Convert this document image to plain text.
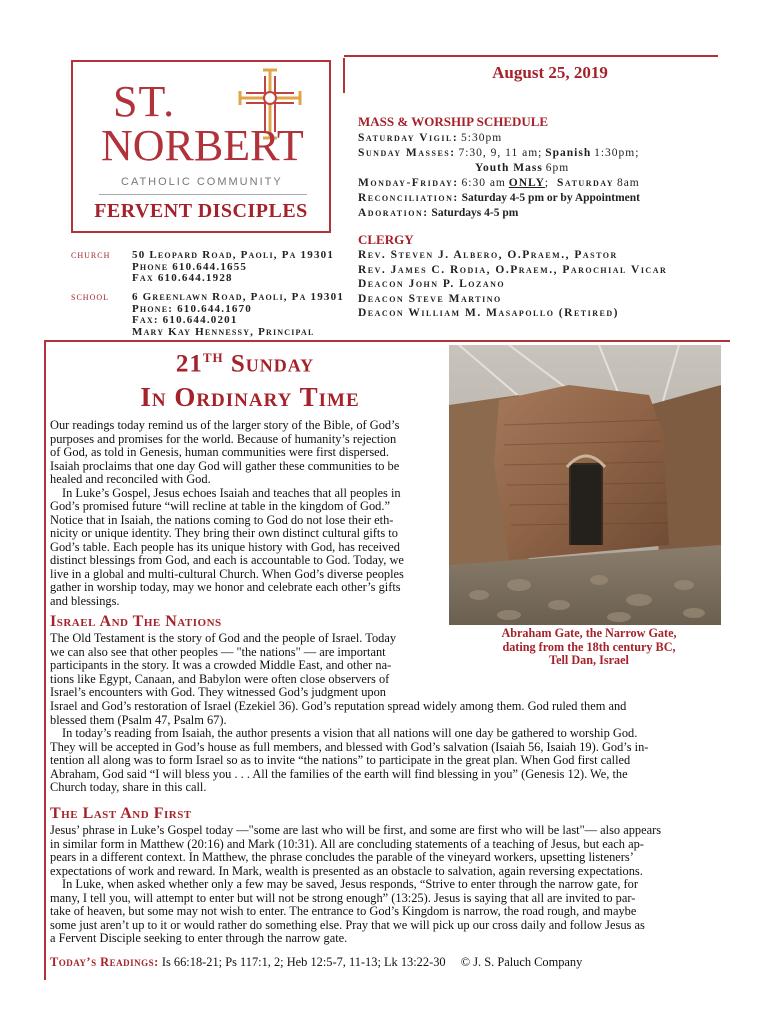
ST.
NORBERT
CATHOLIC COMMUNITY
FERVENT DISCIPLES
church 50 Leopard Road, Paoli, Pa 19301
Phone 610.644.1655
Fax 610.644.1928
school 6 Greenlawn Road, Paoli, Pa 19301
Phone: 610.644.1670
Fax: 610.644.0201
Mary Kay Hennessy, Principal
August 25, 2019
MASS & WORSHIP SCHEDULE
Saturday Vigil: 5:30pm
Sunday Masses: 7:30, 9, 11 am; Spanish 1:30pm;
Youth Mass 6pm
Monday-Friday: 6:30 am ONLY; Saturday 8am
Reconciliation: Saturday 4-5 pm or by Appointment
Adoration: Saturdays 4-5 pm
CLERGY
Rev. Steven J. Albero, O.Praem., Pastor
Rev. James C. Rodia, O.Praem., Parochial Vicar
Deacon John P. Lozano
Deacon Steve Martino
Deacon William M. Masapollo (Retired)
21TH Sunday
In Ordinary Time
Abraham Gate, the Narrow Gate,
dating from the 18th century BC,
Tell Dan, Israel
Our readings today remind us of the larger story of the Bible, of God’s
purposes and promises for the world. Because of humanity’s rejection
of God, as told in Genesis, human communities were first dispersed.
Isaiah proclaims that one day God will gather these communities to be
healed and reconciled with God.
In Luke’s Gospel, Jesus echoes Isaiah and teaches that all peoples in
God’s promised future “will recline at table in the kingdom of God.”
Notice that in Isaiah, the nations coming to God do not lose their eth-
nicity or unique identity. They bring their own distinct cultural gifts to
God’s table. Each people has its unique history with God, has received
distinct blessings from God, and each is accountable to God. Today, we
live in a global and multi-cultural Church. When God’s diverse peoples
gather in worship today, may we honor and celebrate each other’s gifts
and blessings.
Israel And The Nations
The Old Testament is the story of God and the people of Israel. Today
we can also see that other peoples — "the nations" — are important
participants in the story. It was a crowded Middle East, and other na-
tions like Egypt, Canaan, and Babylon were often close observers of
Israel’s encounters with God. They witnessed God’s judgment upon
Israel and God’s restoration of Israel (Ezekiel 36). God’s reputation spread widely among them. God ruled them and
blessed them (Psalm 47, Psalm 67).
In today’s reading from Isaiah, the author presents a vision that all nations will one day be gathered to worship God.
They will be accepted in God’s house as full members, and blessed with God’s salvation (Isaiah 56, Isaiah 19). God’s in-
tention all along was to form Israel so as to invite “the nations” to participate in the great plan. When God first called
Abraham, God said “I will bless you . . . All the families of the earth will find blessing in you” (Genesis 12). We, the
Church today, share in this call.
The Last And First
Jesus’ phrase in Luke’s Gospel today —"some are last who will be first, and some are first who will be last"— also appears
in similar form in Matthew (20:16) and Mark (10:31). All are concluding statements of a teaching of Jesus, but each ap-
pears in a different context. In Matthew, the phrase concludes the parable of the vineyard workers, upsetting listeners’
expectations of work and reward. In Mark, wealth is presented as an obstacle to salvation, again reversing expectations.
In Luke, when asked whether only a few may be saved, Jesus responds, “Strive to enter through the narrow gate, for
many, I tell you, will attempt to enter but will not be strong enough” (13:25). Jesus is saying that all are invited to par-
take of heaven, but some may not wish to enter. The entrance to God’s Kingdom is narrow, the road rough, and maybe
some just aren’t up to it or would rather do something else. Pray that we will pick up our cross daily and follow Jesus as
a Fervent Disciple seeking to enter through the narrow gate.
Today’s Readings: Is 66:18-21; Ps 117:1, 2; Heb 12:5-7, 11-13; Lk 13:22-30 © J. S. Paluch Company
